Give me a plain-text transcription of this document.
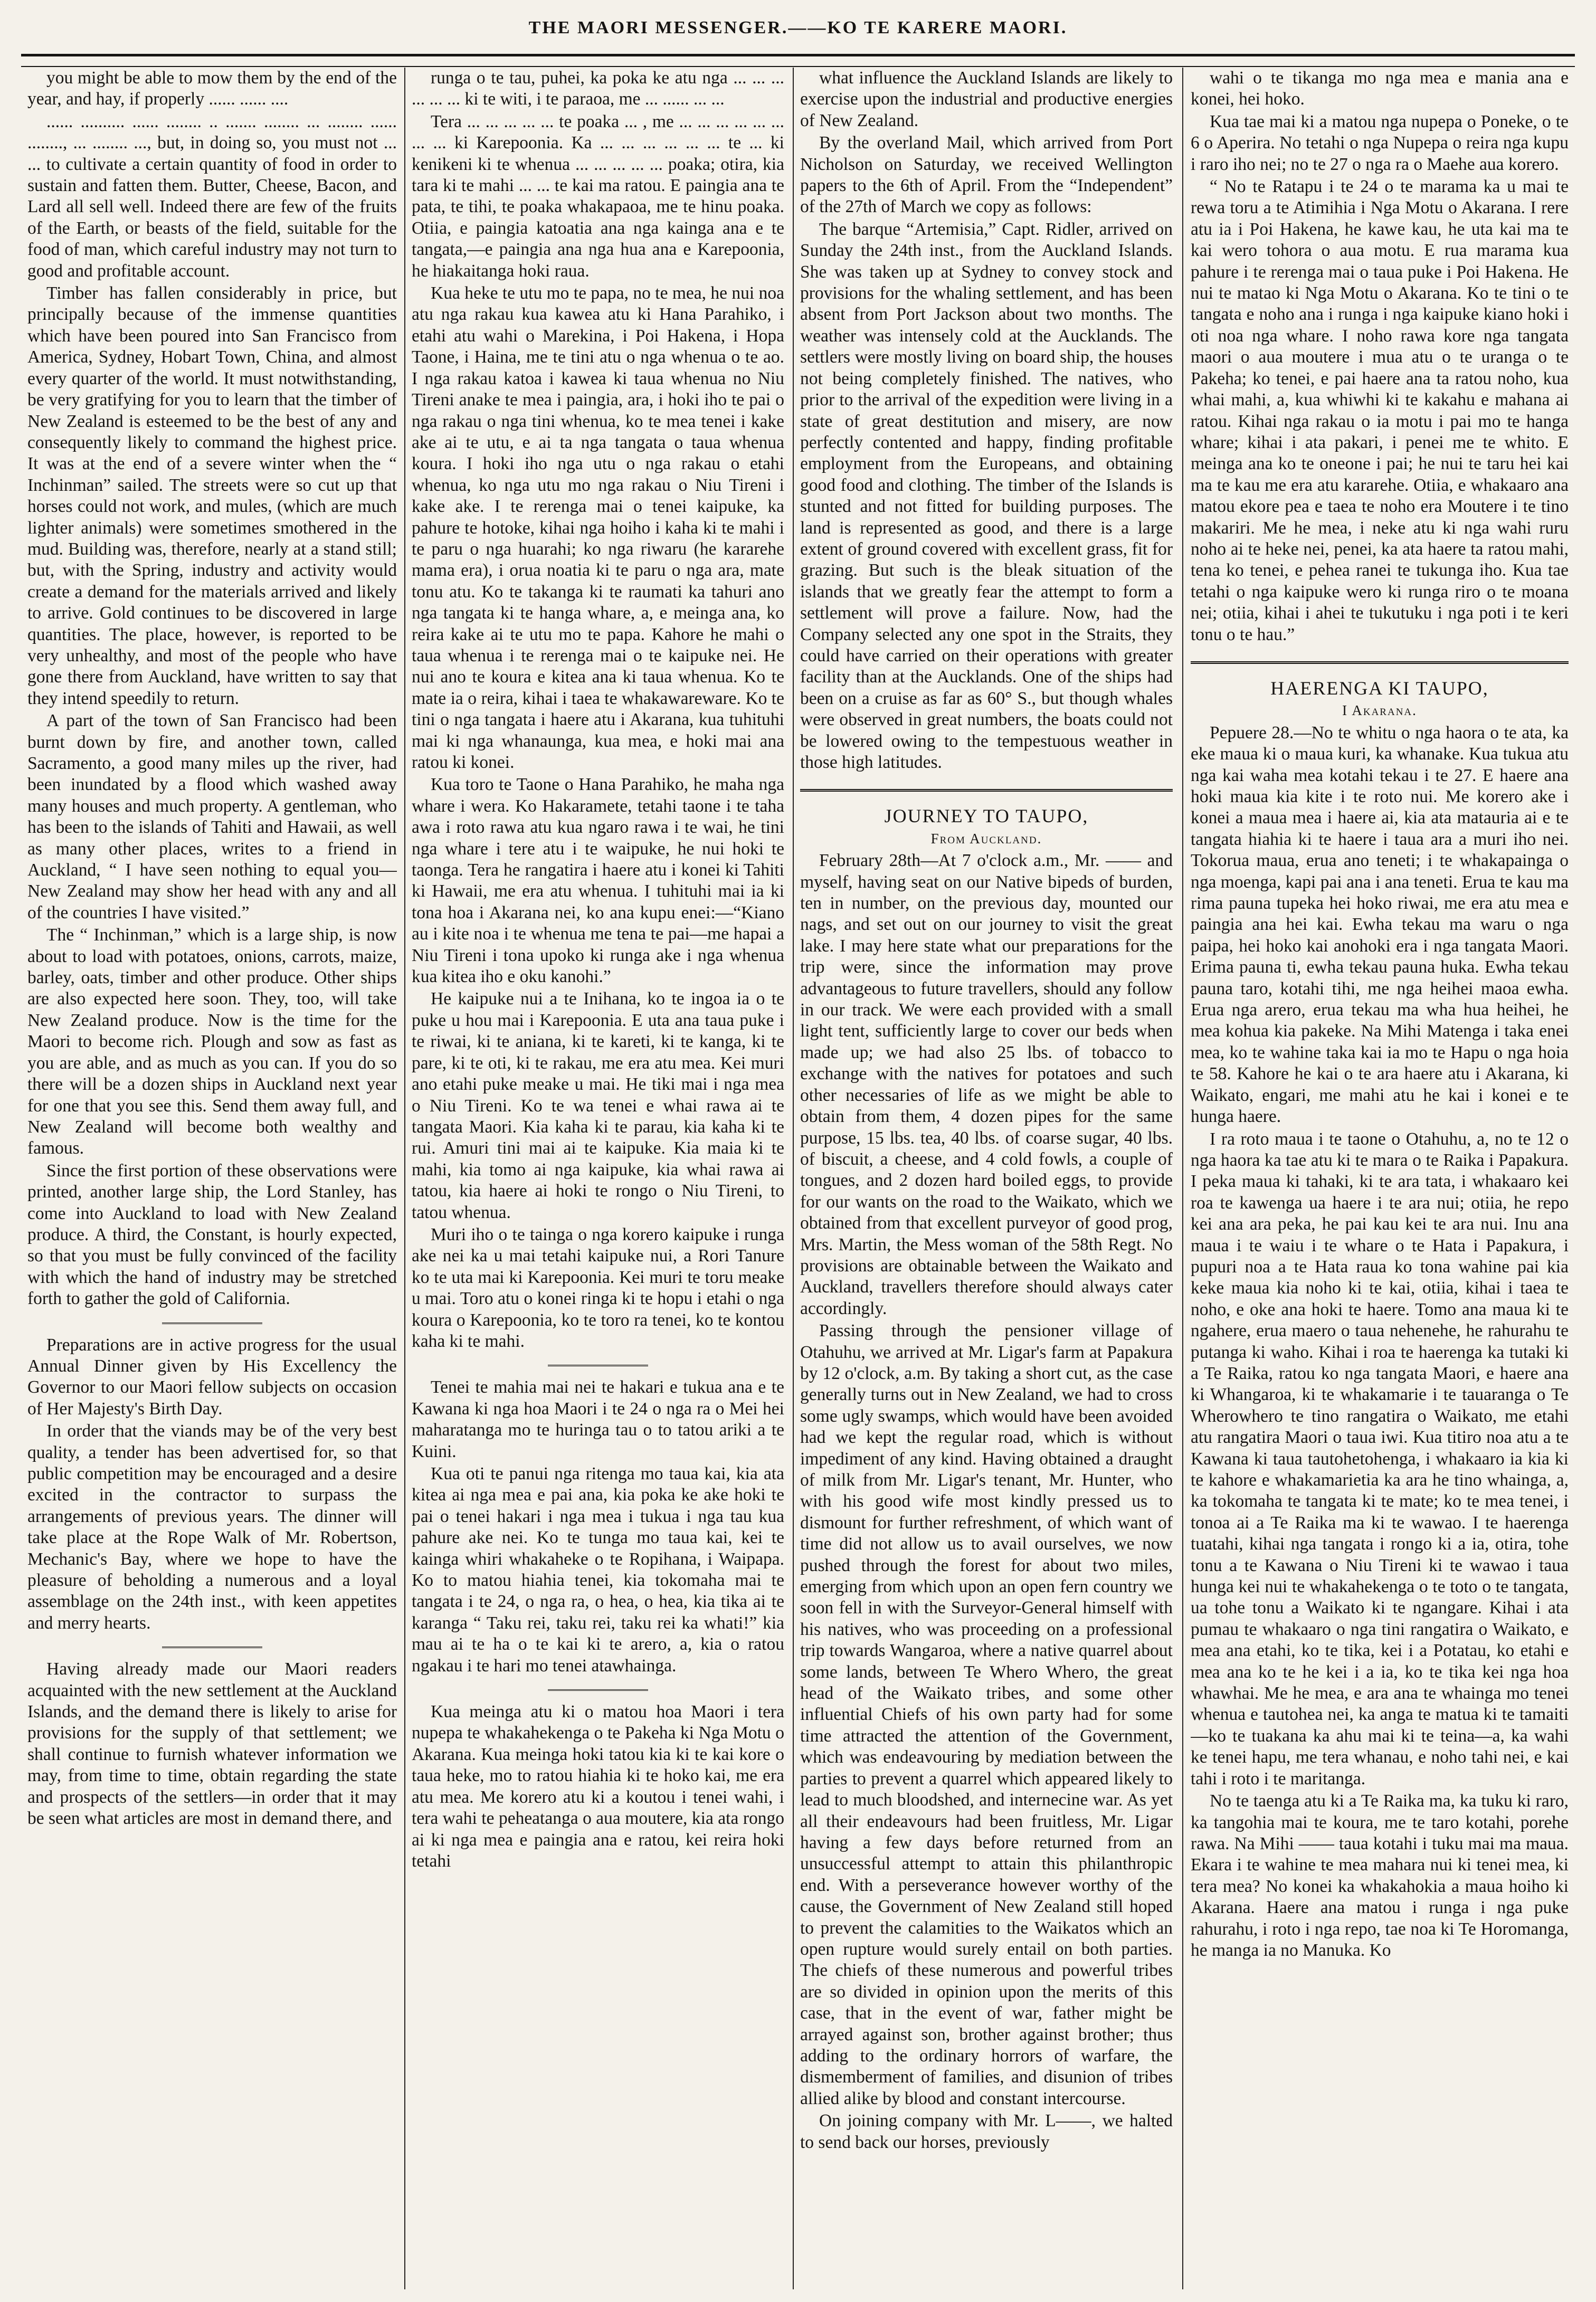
THE MAORI MESSENGER.——KO TE KARERE MAORI.

you might be able to mow them by the end of the year, and hay, if properly ...... ...... ....

...... .......... ...... ........ .. ....... ........ ... ........ ...... ........, ... ........ ..., but, in doing so, you must not ... ... to cultivate a certain quantity of food in order to sustain and fatten them. Butter, Cheese, Bacon, and Lard all sell well. Indeed there are few of the fruits of the Earth, or beasts of the field, suitable for the food of man, which careful industry may not turn to good and profitable account.

Timber has fallen considerably in price, but principally because of the immense quantities which have been poured into San Francisco from America, Sydney, Hobart Town, China, and almost every quarter of the world. It must notwithstanding, be very gratifying for you to learn that the timber of New Zealand is esteemed to be the best of any and consequently likely to command the highest price. It was at the end of a severe winter when the “ Inchinman” sailed. The streets were so cut up that horses could not work, and mules, (which are much lighter animals) were sometimes smothered in the mud. Building was, therefore, nearly at a stand still; but, with the Spring, industry and activity would create a demand for the materials arrived and likely to arrive. Gold continues to be discovered in large quantities. The place, however, is reported to be very unhealthy, and most of the people who have gone there from Auckland, have written to say that they intend speedily to return.

A part of the town of San Francisco had been burnt down by fire, and another town, called Sacramento, a good many miles up the river, had been inundated by a flood which washed away many houses and much property. A gentleman, who has been to the islands of Tahiti and Hawaii, as well as many other places, writes to a friend in Auckland, “ I have seen nothing to equal you—New Zealand may show her head with any and all of the countries I have visited.”

The “ Inchinman,” which is a large ship, is now about to load with potatoes, onions, carrots, maize, barley, oats, timber and other produce. Other ships are also expected here soon. They, too, will take New Zealand produce. Now is the time for the Maori to become rich. Plough and sow as fast as you are able, and as much as you can. If you do so there will be a dozen ships in Auckland next year for one that you see this. Send them away full, and New Zealand will become both wealthy and famous.

Since the first portion of these observations were printed, another large ship, the Lord Stanley, has come into Auckland to load with New Zealand produce. A third, the Constant, is hourly expected, so that you must be fully convinced of the facility with which the hand of industry may be stretched forth to gather the gold of California.

Preparations are in active progress for the usual Annual Dinner given by His Excellency the Governor to our Maori fellow subjects on occasion of Her Majesty's Birth Day.

In order that the viands may be of the very best quality, a tender has been advertised for, so that public competition may be encouraged and a desire excited in the contractor to surpass the arrangements of previous years. The dinner will take place at the Rope Walk of Mr. Robertson, Mechanic's Bay, where we hope to have the pleasure of beholding a numerous and a loyal assemblage on the 24th inst., with keen appetites and merry hearts.

Having already made our Maori readers acquainted with the new settlement at the Auckland Islands, and the demand there is likely to arise for provisions for the supply of that settlement; we shall continue to furnish whatever information we may, from time to time, obtain regarding the state and prospects of the settlers—in order that it may be seen what articles are most in demand there, and

runga o te tau, puhei, ka poka ke atu nga ... ... ... ... ... ... ki te witi, i te paraoa, me ... ...... ... ...

Tera ... ... ... ... ... te poaka ... , me ... ... ... ... ... ... ... ... ki Karepoonia. Ka ... ... ... ... ... ... te ... ki kenikeni ki te whenua ... ... ... ... ... poaka; otira, kia tara ki te mahi ... ... te kai ma ratou. E paingia ana te pata, te tihi, te poaka whakapaoa, me te hinu poaka. Otiia, e paingia katoatia ana nga kainga ana e te tangata,—e paingia ana nga hua ana e Karepoonia, he hiakaitanga hoki raua.

Kua heke te utu mo te papa, no te mea, he nui noa atu nga rakau kua kawea atu ki Hana Parahiko, i etahi atu wahi o Marekina, i Poi Hakena, i Hopa Taone, i Haina, me te tini atu o nga whenua o te ao. I nga rakau katoa i kawea ki taua whenua no Niu Tireni anake te mea i paingia, ara, i hoki iho te pai o nga rakau o nga tini whenua, ko te mea tenei i kake ake ai te utu, e ai ta nga tangata o taua whenua koura. I hoki iho nga utu o nga rakau o etahi whenua, ko nga utu mo nga rakau o Niu Tireni i kake ake. I te rerenga mai o tenei kaipuke, ka pahure te hotoke, kihai nga hoiho i kaha ki te mahi i te paru o nga huarahi; ko nga riwaru (he kararehe mama era), i orua noatia ki te paru o nga ara, mate tonu atu. Ko te takanga ki te raumati ka tahuri ano nga tangata ki te hanga whare, a, e meinga ana, ko reira kake ai te utu mo te papa. Kahore he mahi o taua whenua i te rerenga mai o te kaipuke nei. He nui ano te koura e kitea ana ki taua whenua. Ko te mate ia o reira, kihai i taea te whakawareware. Ko te tini o nga tangata i haere atu i Akarana, kua tuhituhi mai ki nga whanaunga, kua mea, e hoki mai ana ratou ki konei.

Kua toro te Taone o Hana Parahiko, he maha nga whare i wera. Ko Hakaramete, tetahi taone i te taha awa i roto rawa atu kua ngaro rawa i te wai, he tini nga whare i tere atu i te waipuke, he nui hoki te taonga. Tera he rangatira i haere atu i konei ki Tahiti ki Hawaii, me era atu whenua. I tuhituhi mai ia ki tona hoa i Akarana nei, ko ana kupu enei:—“Kiano au i kite noa i te whenua me tena te pai—me hapai a Niu Tireni i tona upoko ki runga ake i nga whenua kua kitea iho e oku kanohi.”

He kaipuke nui a te Inihana, ko te ingoa ia o te puke u hou mai i Karepoonia. E uta ana taua puke i te riwai, ki te aniana, ki te kareti, ki te kanga, ki te pare, ki te oti, ki te rakau, me era atu mea. Kei muri ano etahi puke meake u mai. He tiki mai i nga mea o Niu Tireni. Ko te wa tenei e whai rawa ai te tangata Maori. Kia kaha ki te parau, kia kaha ki te rui. Amuri tini mai ai te kaipuke. Kia maia ki te mahi, kia tomo ai nga kaipuke, kia whai rawa ai tatou, kia haere ai hoki te rongo o Niu Tireni, to tatou whenua.

Muri iho o te tainga o nga korero kaipuke i runga ake nei ka u mai tetahi kaipuke nui, a Rori Tanure ko te uta mai ki Karepoonia. Kei muri te toru meake u mai. Toro atu o konei ringa ki te hopu i etahi o nga koura o Karepoonia, ko te toro ra tenei, ko te kontou kaha ki te mahi.

Tenei te mahia mai nei te hakari e tukua ana e te Kawana ki nga hoa Maori i te 24 o nga ra o Mei hei maharatanga mo te huringa tau o to tatou ariki a te Kuini.

Kua oti te panui nga ritenga mo taua kai, kia ata kitea ai nga mea e pai ana, kia poka ke ake hoki te pai o tenei hakari i nga mea i tukua i nga tau kua pahure ake nei. Ko te tunga mo taua kai, kei te kainga whiri whakaheke o te Ropihana, i Waipapa. Ko to matou hiahia tenei, kia tokomaha mai te tangata i te 24, o nga ra, o hea, o hea, kia tika ai te karanga “ Taku rei, taku rei, taku rei ka whati!” kia mau ai te ha o te kai ki te arero, a, kia o ratou ngakau i te hari mo tenei atawhainga.

Kua meinga atu ki o matou hoa Maori i tera nupepa te whakahekenga o te Pakeha ki Nga Motu o Akarana. Kua meinga hoki tatou kia ki te kai kore o taua heke, mo to ratou hiahia ki te hoko kai, me era atu mea. Me korero atu ki a koutou i tenei wahi, i tera wahi te peheatanga o aua moutere, kia ata rongo ai ki nga mea e paingia ana e ratou, kei reira hoki tetahi

what influence the Auckland Islands are likely to exercise upon the industrial and productive energies of New Zealand.

By the overland Mail, which arrived from Port Nicholson on Saturday, we received Wellington papers to the 6th of April. From the “Independent” of the 27th of March we copy as follows:

The barque “Artemisia,” Capt. Ridler, arrived on Sunday the 24th inst., from the Auckland Islands. She was taken up at Sydney to convey stock and provisions for the whaling settlement, and has been absent from Port Jackson about two months. The weather was intensely cold at the Aucklands. The settlers were mostly living on board ship, the houses not being completely finished. The natives, who prior to the arrival of the expedition were living in a state of great destitution and misery, are now perfectly contented and happy, finding profitable employment from the Europeans, and obtaining good food and clothing. The timber of the Islands is stunted and not fitted for building purposes. The land is represented as good, and there is a large extent of ground covered with excellent grass, fit for grazing. But such is the bleak situation of the islands that we greatly fear the attempt to form a settlement will prove a failure. Now, had the Company selected any one spot in the Straits, they could have carried on their operations with greater facility than at the Aucklands. One of the ships had been on a cruise as far as 60° S., but though whales were observed in great numbers, the boats could not be lowered owing to the tempestuous weather in those high latitudes.

JOURNEY TO TAUPO,

From Auckland.

February 28th—At 7 o'clock a.m., Mr. —— and myself, having seat on our Native bipeds of burden, ten in number, on the previous day, mounted our nags, and set out on our journey to visit the great lake. I may here state what our preparations for the trip were, since the information may prove advantageous to future travellers, should any follow in our track. We were each provided with a small light tent, sufficiently large to cover our beds when made up; we had also 25 lbs. of tobacco to exchange with the natives for potatoes and such other necessaries of life as we might be able to obtain from them, 4 dozen pipes for the same purpose, 15 lbs. tea, 40 lbs. of coarse sugar, 40 lbs. of biscuit, a cheese, and 4 cold fowls, a couple of tongues, and 2 dozen hard boiled eggs, to provide for our wants on the road to the Waikato, which we obtained from that excellent purveyor of good prog, Mrs. Martin, the Mess woman of the 58th Regt. No provisions are obtainable between the Waikato and Auckland, travellers therefore should always cater accordingly.

Passing through the pensioner village of Otahuhu, we arrived at Mr. Ligar's farm at Papakura by 12 o'clock, a.m. By taking a short cut, as the case generally turns out in New Zealand, we had to cross some ugly swamps, which would have been avoided had we kept the regular road, which is without impediment of any kind. Having obtained a draught of milk from Mr. Ligar's tenant, Mr. Hunter, who with his good wife most kindly pressed us to dismount for further refreshment, of which want of time did not allow us to avail ourselves, we now pushed through the forest for about two miles, emerging from which upon an open fern country we soon fell in with the Surveyor-General himself with his natives, who was proceeding on a professional trip towards Wangaroa, where a native quarrel about some lands, between Te Whero Whero, the great head of the Waikato tribes, and some other influential Chiefs of his own party had for some time attracted the attention of the Government, which was endeavouring by mediation between the parties to prevent a quarrel which appeared likely to lead to much bloodshed, and internecine war. As yet all their endeavours had been fruitless, Mr. Ligar having a few days before returned from an unsuccessful attempt to attain this philanthropic end. With a perseverance however worthy of the cause, the Government of New Zealand still hoped to prevent the calamities to the Waikatos which an open rupture would surely entail on both parties. The chiefs of these numerous and powerful tribes are so divided in opinion upon the merits of this case, that in the event of war, father might be arrayed against son, brother against brother; thus adding to the ordinary horrors of warfare, the dismemberment of families, and disunion of tribes allied alike by blood and constant intercourse.

On joining company with Mr. L——, we halted to send back our horses, previously

wahi o te tikanga mo nga mea e mania ana e konei, hei hoko.

Kua tae mai ki a matou nga nupepa o Poneke, o te 6 o Aperira. No tetahi o nga Nupepa o reira nga kupu i raro iho nei; no te 27 o nga ra o Maehe aua korero.

“ No te Ratapu i te 24 o te marama ka u mai te rewa toru a te Atimihia i Nga Motu o Akarana. I rere atu ia i Poi Hakena, he kawe kau, he uta kai ma te kai wero tohora o aua motu. E rua marama kua pahure i te rerenga mai o taua puke i Poi Hakena. He nui te matao ki Nga Motu o Akarana. Ko te tini o te tangata e noho ana i runga i nga kaipuke kiano hoki i oti noa nga whare. I noho rawa kore nga tangata maori o aua moutere i mua atu o te uranga o te Pakeha; ko tenei, e pai haere ana ta ratou noho, kua whai mahi, a, kua whiwhi ki te kakahu e mahana ai ratou. Kihai nga rakau o ia motu i pai mo te hanga whare; kihai i ata pakari, i penei me te whito. E meinga ana ko te oneone i pai; he nui te taru hei kai ma te kau me era atu kararehe. Otiia, e whakaaro ana matou ekore pea e taea te noho era Moutere i te tino makariri. Me he mea, i neke atu ki nga wahi ruru noho ai te heke nei, penei, ka ata haere ta ratou mahi, tena ko tenei, e pehea ranei te tukunga iho. Kua tae tetahi o nga kaipuke wero ki runga riro o te moana nei; otiia, kihai i ahei te tukutuku i nga poti i te keri tonu o te hau.”

HAERENGA KI TAUPO,

I Akarana.

Pepuere 28.—No te whitu o nga haora o te ata, ka eke maua ki o maua kuri, ka whanake. Kua tukua atu nga kai waha mea kotahi tekau i te 27. E haere ana hoki maua kia kite i te roto nui. Me korero ake i konei a maua mea i haere ai, kia ata matauria ai e te tangata hiahia ki te haere i taua ara a muri iho nei. Tokorua maua, erua ano teneti; i te whakapainga o nga moenga, kapi pai ana i ana teneti. Erua te kau ma rima pauna tupeka hei hoko riwai, me era atu mea e paingia ana hei kai. Ewha tekau ma waru o nga paipa, hei hoko kai anohoki era i nga tangata Maori. Erima pauna ti, ewha tekau pauna huka. Ewha tekau pauna taro, kotahi tihi, me nga heihei maoa ewha. Erua nga arero, erua tekau ma wha hua heihei, he mea kohua kia pakeke. Na Mihi Matenga i taka enei mea, ko te wahine taka kai ia mo te Hapu o nga hoia te 58. Kahore he kai o te ara haere atu i Akarana, ki Waikato, engari, me mahi atu he kai i konei e te hunga haere.

I ra roto maua i te taone o Otahuhu, a, no te 12 o nga haora ka tae atu ki te mara o te Raika i Papakura. I peka maua ki tahaki, ki te ara tata, i whakaaro kei roa te kawenga ua haere i te ara nui; otiia, he repo kei ana ara peka, he pai kau kei te ara nui. Inu ana maua i te waiu i te whare o te Hata i Papakura, i pupuri noa a te Hata raua ko tona wahine pai kia keke maua kia noho ki te kai, otiia, kihai i taea te noho, e oke ana hoki te haere. Tomo ana maua ki te ngahere, erua maero o taua nehenehe, he rahurahu te putanga ki waho. Kihai i roa te haerenga ka tutaki ki a Te Raika, ratou ko nga tangata Maori, e haere ana ki Whangaroa, ki te whakamarie i te tauaranga o Te Wherowhero te tino rangatira o Waikato, me etahi atu rangatira Maori o taua iwi. Kua titiro noa atu a te Kawana ki taua tautohetohenga, i whakaaro ia kia ki te kahore e whakamarietia ka ara he tino whainga, a, ka tokomaha te tangata ki te mate; ko te mea tenei, i tonoa ai a Te Raika ma ki te wawao. I te haerenga tuatahi, kihai nga tangata i rongo ki a ia, otira, tohe tonu a te Kawana o Niu Tireni ki te wawao i taua hunga kei nui te whakahekenga o te toto o te tangata, ua tohe tonu a Waikato ki te ngangare. Kihai i ata pumau te whakaaro o nga tini rangatira o Waikato, e mea ana etahi, ko te tika, kei i a Potatau, ko etahi e mea ana ko te he kei i a ia, ko te tika kei nga hoa whawhai. Me he mea, e ara ana te whainga mo tenei whenua e tautohea nei, ka anga te matua ki te tamaiti—ko te tuakana ka ahu mai ki te teina—a, ka wahi ke tenei hapu, me tera whanau, e noho tahi nei, e kai tahi i roto i te maritanga.

No te taenga atu ki a Te Raika ma, ka tuku ki raro, ka tangohia mai te koura, me te taro kotahi, porehe rawa. Na Mihi —— taua kotahi i tuku mai ma maua. Ekara i te wahine te mea mahara nui ki tenei mea, ki tera mea? No konei ka whakahokia a maua hoiho ki Akarana. Haere ana matou i runga i nga puke rahurahu, i roto i nga repo, tae noa ki Te Horomanga, he manga ia no Manuka. Ko
